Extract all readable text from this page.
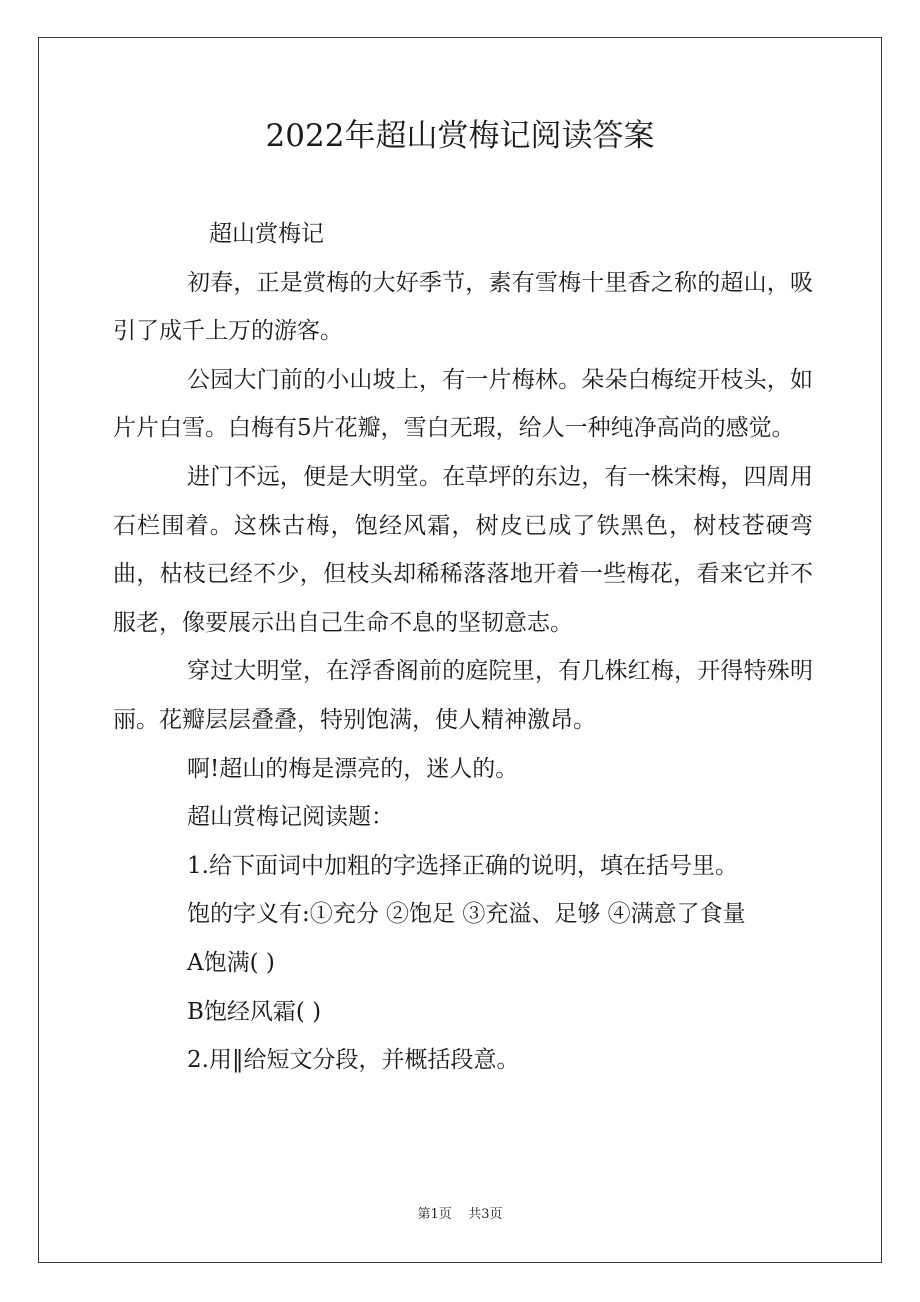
2022年超山赏梅记阅读答案

超山赏梅记

初春，正是赏梅的大好季节，素有雪梅十里香之称的超山，吸引了成千上万的游客。

公园大门前的小山坡上，有一片梅林。朵朵白梅绽开枝头，如片片白雪。白梅有5片花瓣，雪白无瑕，给人一种纯净高尚的感觉。

进门不远，便是大明堂。在草坪的东边，有一株宋梅，四周用石栏围着。这株古梅，饱经风霜，树皮已成了铁黑色，树枝苍硬弯曲，枯枝已经不少，但枝头却稀稀落落地开着一些梅花，看来它并不服老，像要展示出自己生命不息的坚韧意志。

穿过大明堂，在浮香阁前的庭院里，有几株红梅，开得特殊明丽。花瓣层层叠叠，特别饱满，使人精神激昂。

啊!超山的梅是漂亮的，迷人的。

超山赏梅记阅读题：

1.给下面词中加粗的字选择正确的说明，填在括号里。

饱的字义有:①充分 ②饱足 ③充溢、足够 ④满意了食量

A饱满( )

B饱经风霜( )

2.用‖给短文分段，并概括段意。

第1页 共3页
